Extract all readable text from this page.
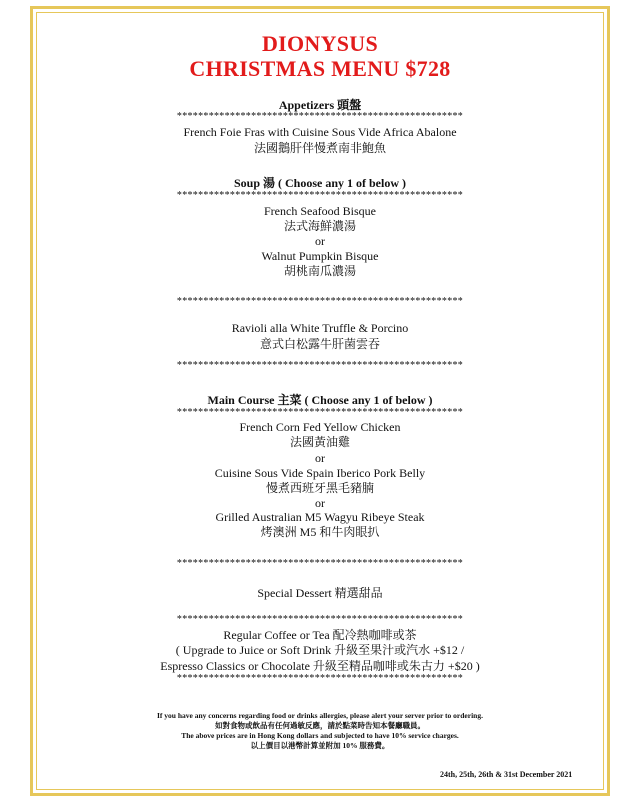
DIONYSUS
CHRISTMAS MENU $728
Appetizers 頭盤
******************************************************
French Foie Fras with Cuisine Sous Vide Africa Abalone
法國鵝肝伴慢煮南非鮑魚
Soup 湯 ( Choose any 1 of below )
******************************************************
French Seafood Bisque
法式海鮮濃湯
or
Walnut Pumpkin Bisque
胡桃南瓜濃湯
******************************************************
Ravioli alla White Truffle & Porcino
意式白松露牛肝菌雲吞
******************************************************
Main Course 主菜 ( Choose any 1 of below )
******************************************************
French Corn Fed Yellow Chicken
法國黃油雞
or
Cuisine Sous Vide Spain Iberico Pork Belly
慢煮西班牙黑毛豬腩
or
Grilled Australian M5 Wagyu Ribeye Steak
烤澳洲 M5 和牛肉眼扒
******************************************************
Special Dessert 精選甜品
******************************************************
Regular Coffee or Tea 配冷熱咖啡或茶
( Upgrade to Juice or Soft Drink 升級至果汁或汽水 +$12 /
Espresso Classics or Chocolate 升級至精品咖啡或朱古力 +$20 )
******************************************************
If you have any concerns regarding food or drinks allergies, please alert your server prior to ordering.
如對食物或飲品有任何過敏反應，請於點菜時告知本餐廳職員。
The above prices are in Hong Kong dollars and subjected to have 10% service charges.
以上價目以港幣計算並附加 10% 服務費。
24th, 25th, 26th & 31st December 2021
